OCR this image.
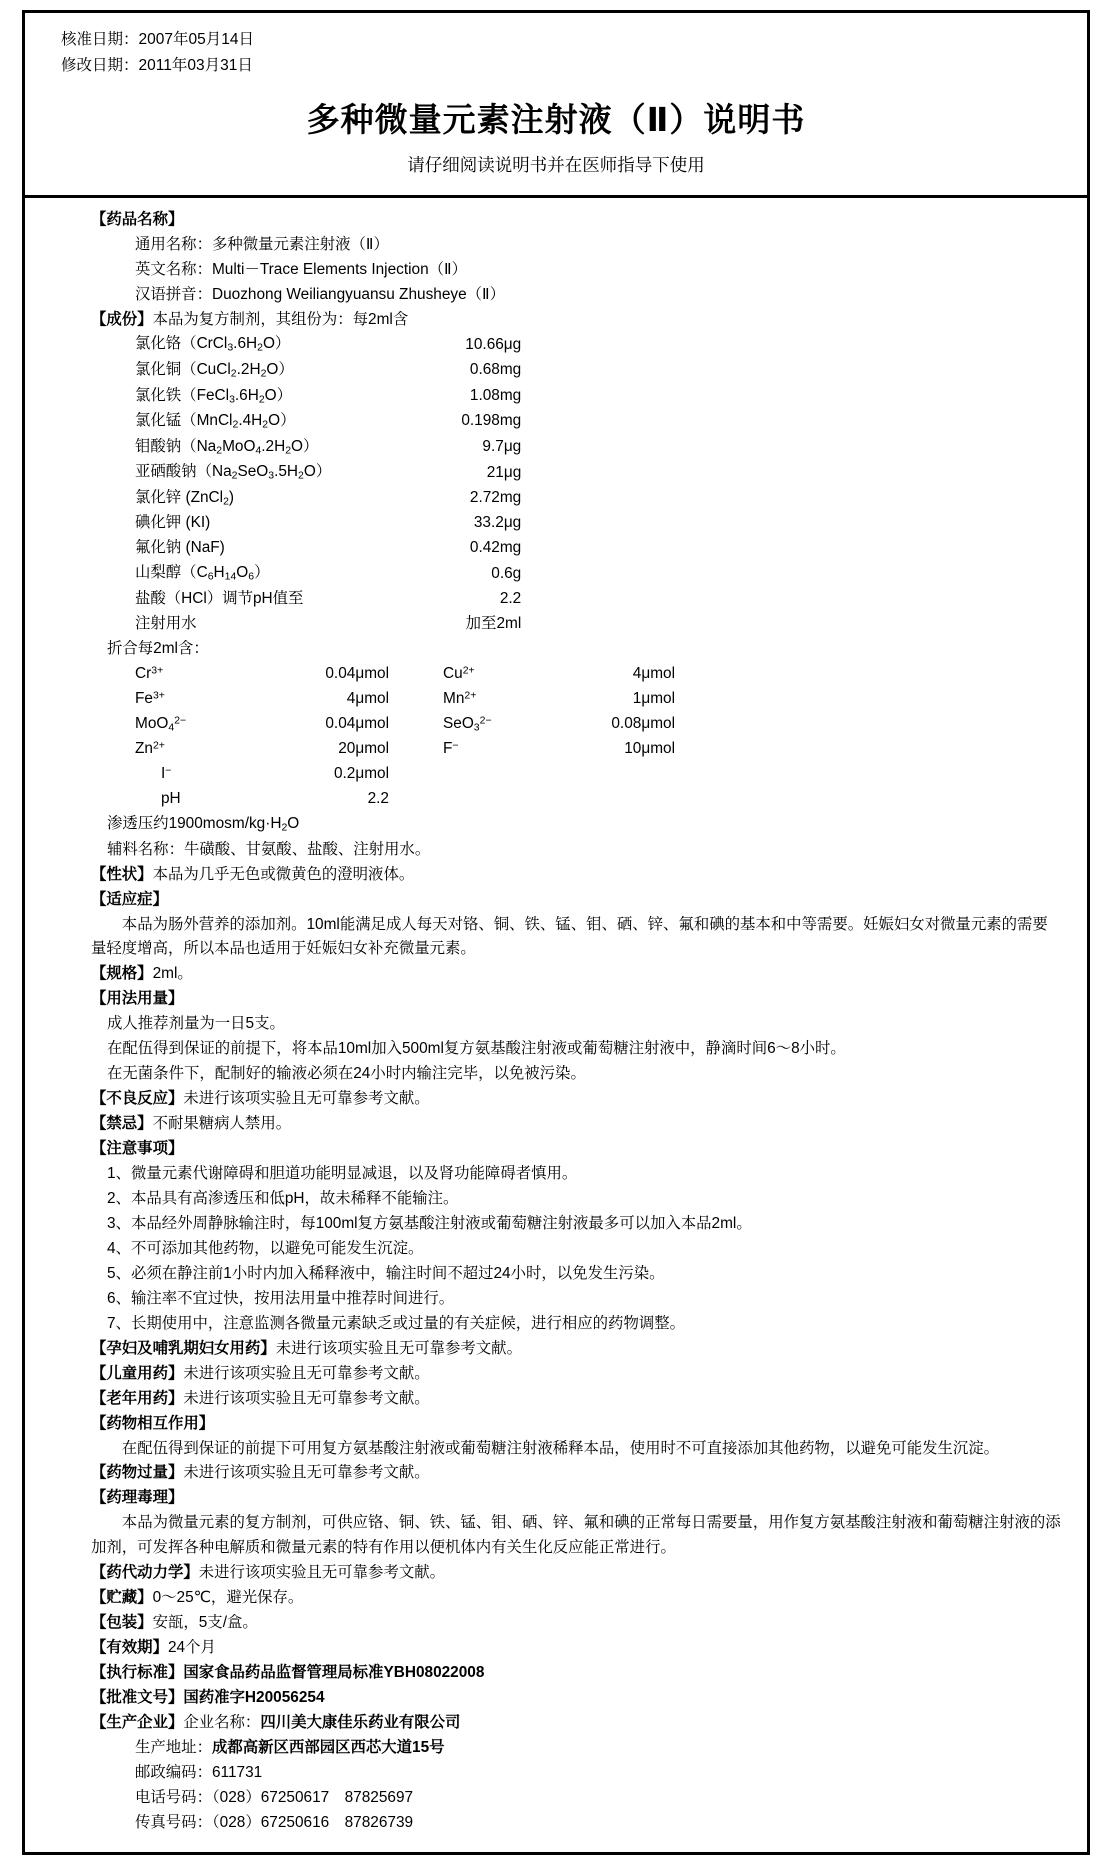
核准日期：2007年05月14日
修改日期：2011年03月31日
多种微量元素注射液（Ⅱ）说明书
请仔细阅读说明书并在医师指导下使用
【药品名称】
通用名称：多种微量元素注射液（Ⅱ）
英文名称：Multi－Trace Elements Injection（Ⅱ）
汉语拼音：Duozhong Weiliangyuansu Zhusheye（Ⅱ）
【成份】本品为复方制剂，其组份为：每2ml含
氯化铬$(CrCl_3.6H_2O)$	10.66μg
氯化铜$(CuCl_2.2H_2O)$	0.68mg
氯化铁$(FeCl_3.6H_2O)$	1.08mg
氯化锰$(MnCl_2.4H_2O)$	0.198mg
钼酸钠$(Na_2MoO_4.2H_2O)$	9.7μg
亚硒酸钠$(Na_2SeO_3.5H_2O)$	21μg
氯化锌 (ZnCl$_2$)	2.72mg
碘化钾 (KI)	33.2μg
氟化钠 (NaF)	0.42mg
山梨醇$(C_6H_{14}O_6)$	0.6g
盐酸（HCl）调节pH值至	2.2
注射用水	加至2ml
折合每2ml含：
$Cr^{3+}$	0.04μmol	$Cu^{2+}$	4μmol
$Fe^{3+}$	4μmol	$Mn^{2+}$	1μmol
MoO$_4^{2-}$	0.04μmol	SeO$_3^{2-}$	0.08μmol
$Zn^{2+}$	20μmol	F−	10μmol
I−	0.2μmol		
pH	2.2		
渗透压约$1900mosm/kg\cdot H_2O$
辅料名称：牛磺酸、甘氨酸、盐酸、注射用水。
【性状】本品为几乎无色或微黄色的澄明液体。
【适应症】
本品为肠外营养的添加剂。10ml能满足成人每天对铬、铜、铁、锰、钼、硒、锌、氟和碘的基本和中等需要。妊娠妇女对微量元素的需要量轻度增高，所以本品也适用于妊娠妇女补充微量元素。
【规格】2ml。
【用法用量】
成人推荐剂量为一日5支。
在配伍得到保证的前提下，将本品10ml加入500ml复方氨基酸注射液或葡萄糖注射液中，静滴时间6～8小时。
在无菌条件下，配制好的输液必须在24小时内输注完毕，以免被污染。
【不良反应】未进行该项实验且无可靠参考文献。
【禁忌】不耐果糖病人禁用。
【注意事项】
1、微量元素代谢障碍和胆道功能明显减退，以及肾功能障碍者慎用。
2、本品具有高渗透压和低pH，故未稀释不能输注。
3、本品经外周静脉输注时，每100ml复方氨基酸注射液或葡萄糖注射液最多可以加入本品2ml。
4、不可添加其他药物，以避免可能发生沉淀。
5、必须在静注前1小时内加入稀释液中，输注时间不超过24小时，以免发生污染。
6、输注率不宜过快，按用法用量中推荐时间进行。
7、长期使用中，注意监测各微量元素缺乏或过量的有关症候，进行相应的药物调整。
【孕妇及哺乳期妇女用药】未进行该项实验且无可靠参考文献。
【儿童用药】未进行该项实验且无可靠参考文献。
【老年用药】未进行该项实验且无可靠参考文献。
【药物相互作用】
在配伍得到保证的前提下可用复方氨基酸注射液或葡萄糖注射液稀释本品，使用时不可直接添加其他药物，以避免可能发生沉淀。
【药物过量】未进行该项实验且无可靠参考文献。
【药理毒理】
本品为微量元素的复方制剂，可供应铬、铜、铁、锰、钼、硒、锌、氟和碘的正常每日需要量，用作复方氨基酸注射液和葡萄糖注射液的添加剂，可发挥各种电解质和微量元素的特有作用以便机体内有关生化反应能正常进行。
【药代动力学】未进行该项实验且无可靠参考文献。
【贮藏】0～25℃，避光保存。
【包装】安瓿，5支/盒。
【有效期】24个月
【执行标准】国家食品药品监督管理局标准YBH08022008
【批准文号】国药准字H20056254
【生产企业】企业名称：四川美大康佳乐药业有限公司
生产地址：成都高新区西部园区西芯大道15号
邮政编码：611731
电话号码：（028）67250617　87825697
传真号码：（028）67250616　87826739
